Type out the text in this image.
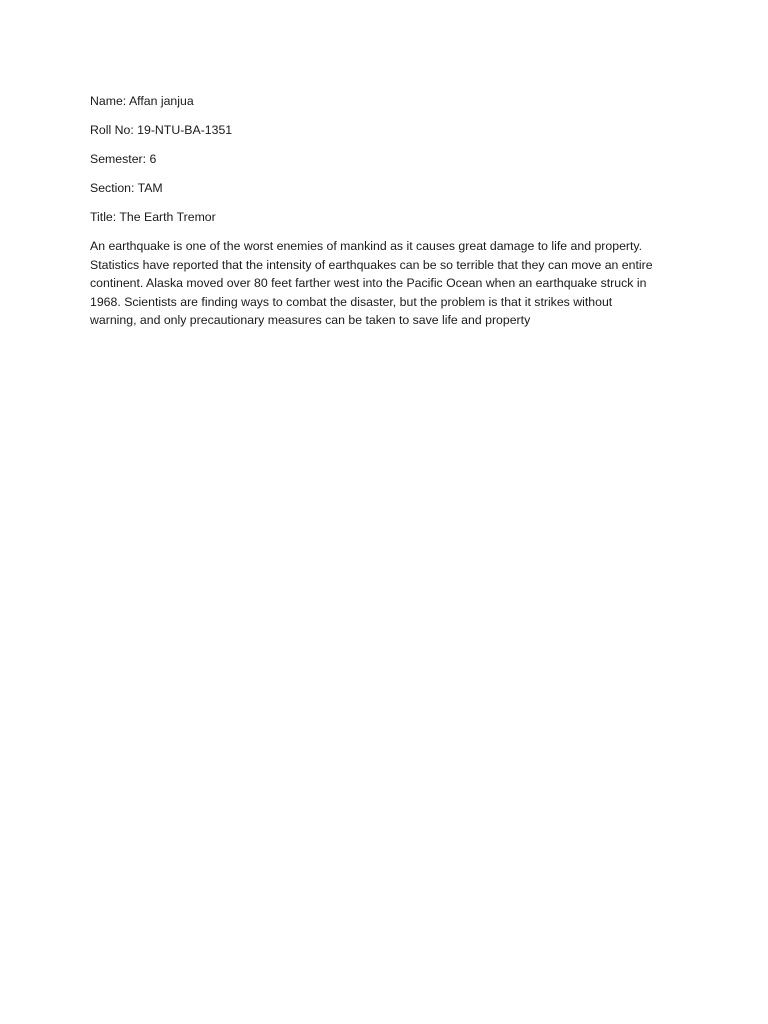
Name: Affan janjua
Roll No: 19-NTU-BA-1351
Semester: 6
Section: TAM
Title: The Earth Tremor
An earthquake is one of the worst enemies of mankind as it causes great damage to life and property.
Statistics have reported that the intensity of earthquakes can be so terrible that they can move an entire
continent. Alaska moved over 80 feet farther west into the Pacific Ocean when an earthquake struck in
1968. Scientists are finding ways to combat the disaster, but the problem is that it strikes without
warning, and only precautionary measures can be taken to save life and property
